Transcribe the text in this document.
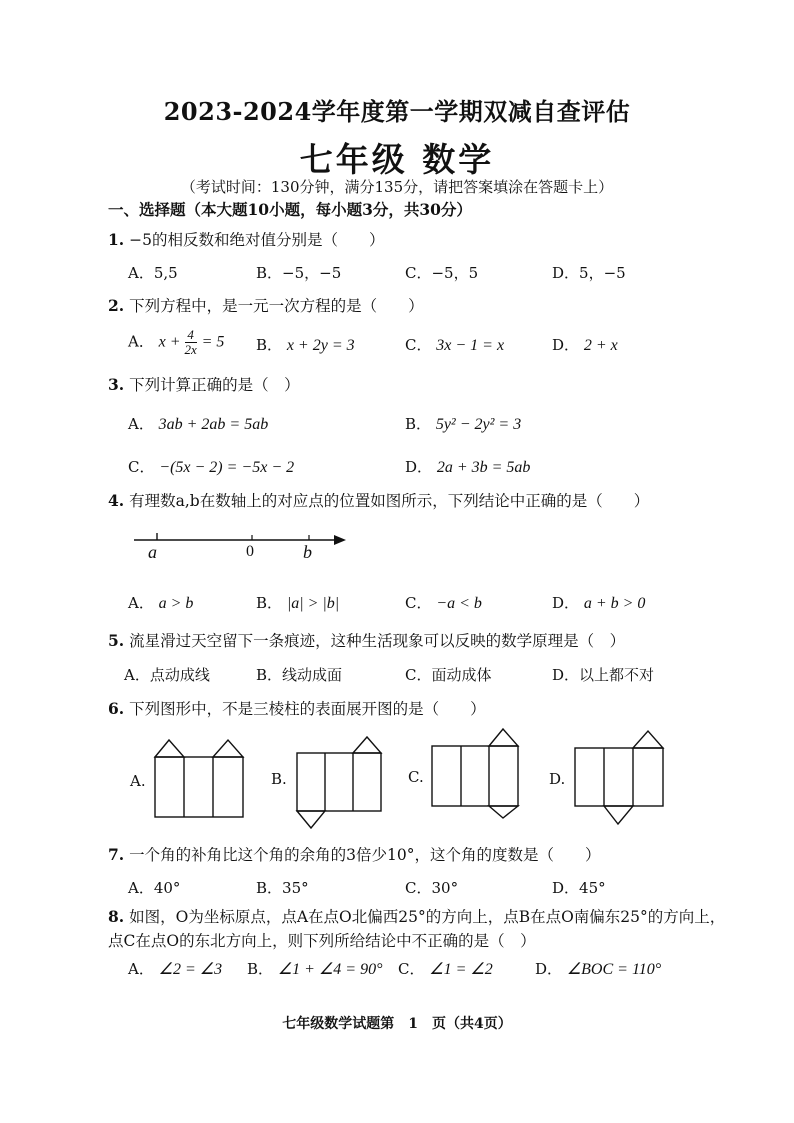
2023-2024学年度第一学期双减自查评估
七年级 数学
（考试时间：130分钟，满分135分，请把答案填涂在答题卡上）
一、选择题（本大题10小题，每小题3分，共30分）
1. −5的相反数和绝对值分别是（　　）
A．5,5	B．−5，−5	C．−5，5	D．5，−5
2. 下列方程中，是一元一次方程的是（　　）
A． $x + \frac{4}{2x} = 5$ B． x + 2y = 3	C． 3x − 1 = x	D． 2 + x
3. 下列计算正确的是（　）
A． 3ab + 2ab = 5ab	B． 5y² − 2y² = 3
C． −(5x − 2) = −5x − 2	D． 2a + 3b = 5ab
4. 有理数a,b在数轴上的对应点的位置如图所示，下列结论中正确的是（　　）
a	0	b
A． a > b	B． |a| > |b|	C． −a < b	D． a + b > 0
5. 流星滑过天空留下一条痕迹，这种生活现象可以反映的数学原理是（　）
A．点动成线	B．线动成面	C．面动成体	D．以上都不对
6. 下列图形中，不是三棱柱的表面展开图的是（　　）
A.	B.	C.	D.
7. 一个角的补角比这个角的余角的3倍少10°，这个角的度数是（　　）
A．40°	B．35°	C．30°	D．45°
8. 如图，O为坐标原点，点A在点O北偏西25°的方向上，点B在点O南偏东25°的方向上，
点C在点O的东北方向上，则下列所给结论中不正确的是（　）
A． ∠2 = ∠3 B． ∠1 + ∠4 = 90° C． ∠1 = ∠2	D． ∠BOC = 110°
七年级数学试题第　1　页（共4页）
